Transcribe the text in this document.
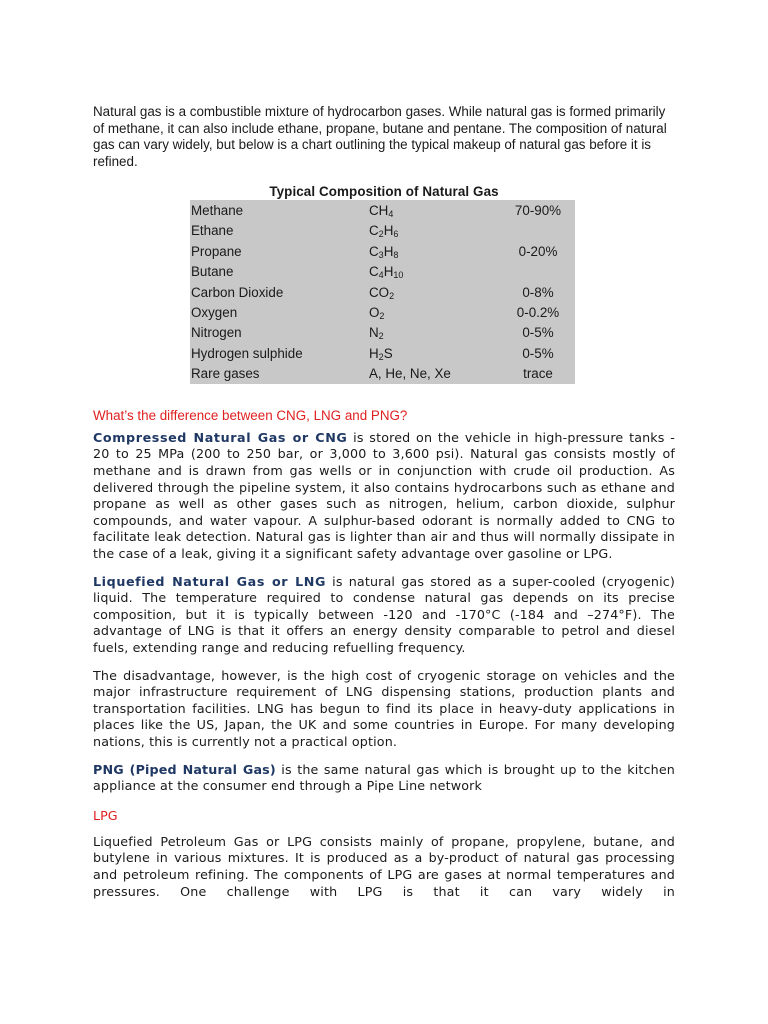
Natural gas is a combustible mixture of hydrocarbon gases. While natural gas is formed primarily of methane, it can also include ethane, propane, butane and pentane. The composition of natural gas can vary widely, but below is a chart outlining the typical makeup of natural gas before it is refined.

Typical Composition of Natural Gas
Methane	$CH_4$	70-90%
Ethane	$C_2H_6$	
Propane	$C_3H_8$	0-20%
Butane	$C_4H_{10}$	
Carbon Dioxide	$CO_2$	0-8%
Oxygen	$O_2$	0-0.2%
Nitrogen	$N_2$	0-5%
Hydrogen sulphide	$H_2S$	0-5%
Rare gases	A, He, Ne, Xe	trace
What’s the difference between CNG, LNG and PNG?

Compressed Natural Gas or CNG is stored on the vehicle in high-pressure tanks - 20 to 25 MPa (200 to 250 bar, or 3,000 to 3,600 psi). Natural gas consists mostly of methane and is drawn from gas wells or in conjunction with crude oil production. As delivered through the pipeline system, it also contains hydrocarbons such as ethane and propane as well as other gases such as nitrogen, helium, carbon dioxide, sulphur compounds, and water vapour. A sulphur-based odorant is normally added to CNG to facilitate leak detection. Natural gas is lighter than air and thus will normally dissipate in the case of a leak, giving it a significant safety advantage over gasoline or LPG.

Liquefied Natural Gas or LNG is natural gas stored as a super-cooled (cryogenic) liquid. The temperature required to condense natural gas depends on its precise composition, but it is typically between -120 and -170°C (-184 and –274°F). The advantage of LNG is that it offers an energy density comparable to petrol and diesel fuels, extending range and reducing refuelling frequency.

The disadvantage, however, is the high cost of cryogenic storage on vehicles and the major infrastructure requirement of LNG dispensing stations, production plants and transportation facilities. LNG has begun to find its place in heavy-duty applications in places like the US, Japan, the UK and some countries in Europe. For many developing nations, this is currently not a practical option.

PNG (Piped Natural Gas) is the same natural gas which is brought up to the kitchen appliance at the consumer end through a Pipe Line network

LPG

Liquefied Petroleum Gas or LPG consists mainly of propane, propylene, butane, and butylene in various mixtures. It is produced as a by-product of natural gas processing and petroleum refining. The components of LPG are gases at normal temperatures and pressures. One challenge with LPG is that it can vary widely in
